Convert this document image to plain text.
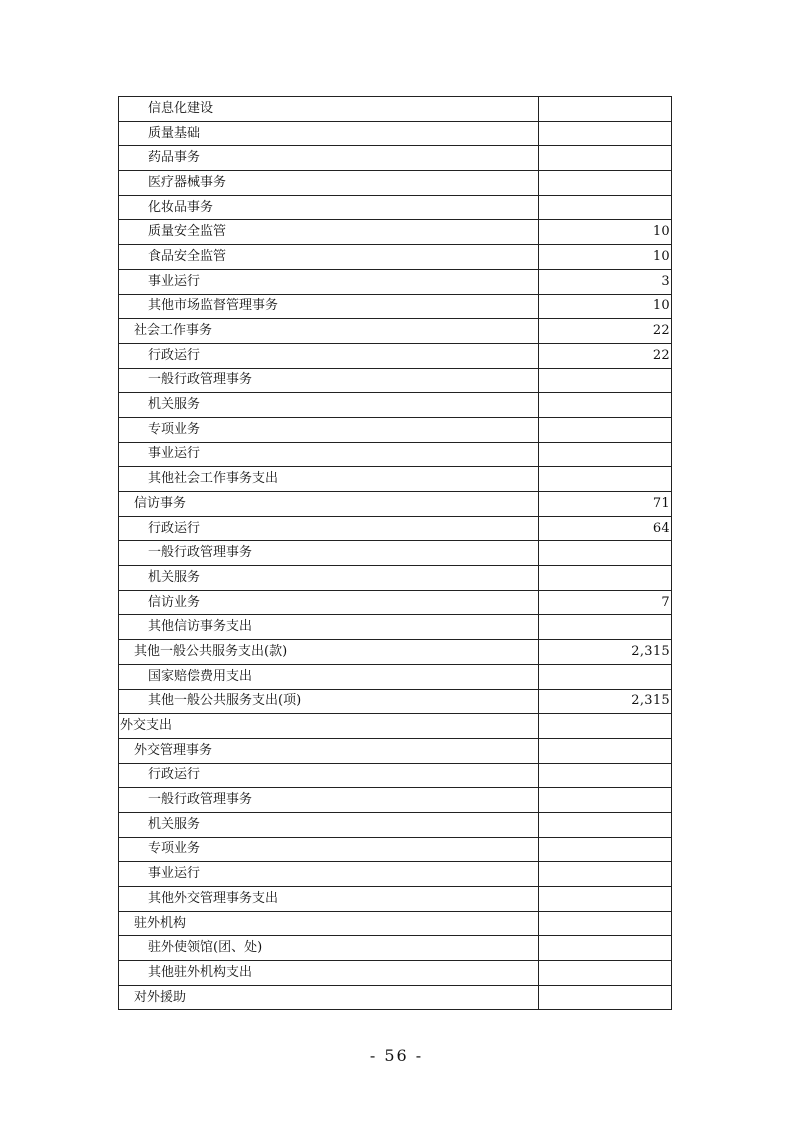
信息化建设	
质量基础	
药品事务	
医疗器械事务	
化妆品事务	
质量安全监管	10
食品安全监管	10
事业运行	3
其他市场监督管理事务	10
社会工作事务	22
行政运行	22
一般行政管理事务	
机关服务	
专项业务	
事业运行	
其他社会工作事务支出	
信访事务	71
行政运行	64
一般行政管理事务	
机关服务	
信访业务	7
其他信访事务支出	
其他一般公共服务支出(款)	2,315
国家赔偿费用支出	
其他一般公共服务支出(项)	2,315
外交支出	
外交管理事务	
行政运行	
一般行政管理事务	
机关服务	
专项业务	
事业运行	
其他外交管理事务支出	
驻外机构	
驻外使领馆(团、处)	
其他驻外机构支出	
对外援助	
- 56 -
